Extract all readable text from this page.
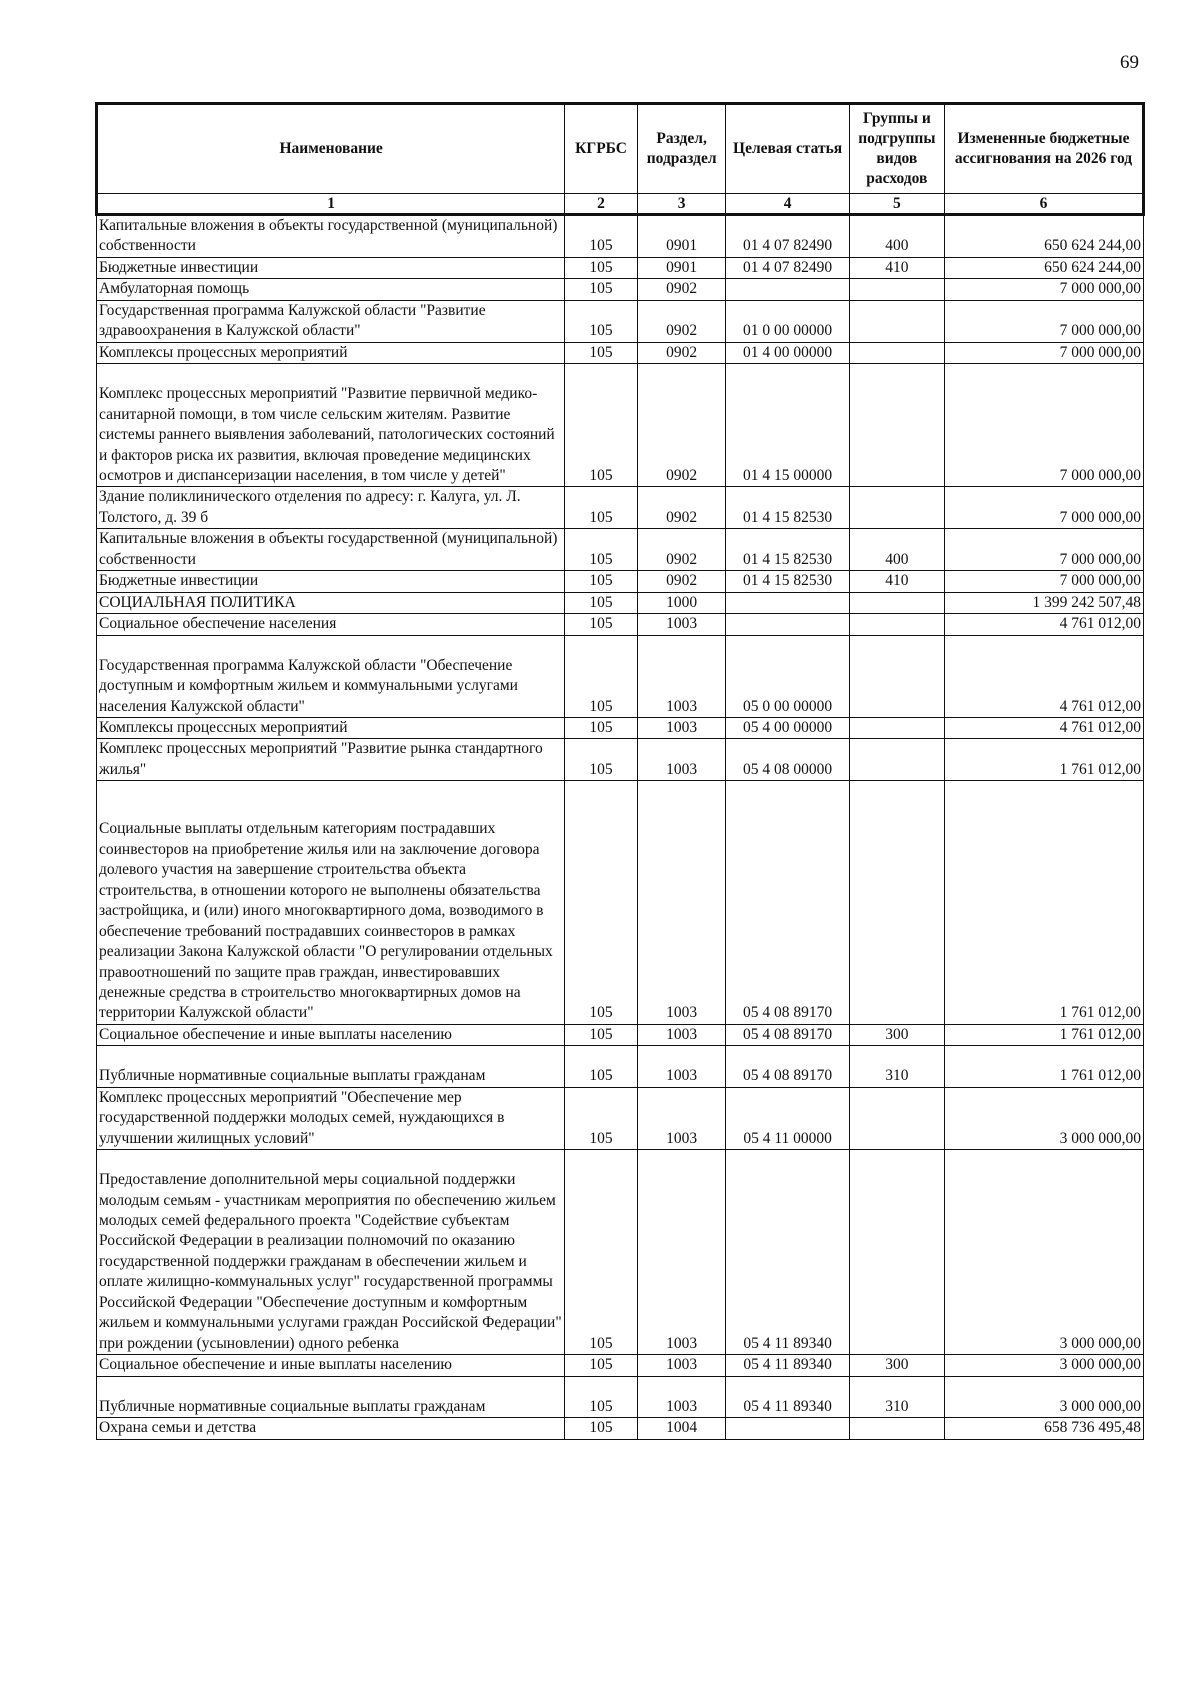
69
Наименование	КГРБС	Раздел, подраздел	Целевая статья	Группы и подгруппы видов расходов	Измененные бюджетные ассигнования на 2026 год
1	2	3	4	5	6

Капитальные вложения в объекты государственной (муниципальной) собственности	105	0901	01 4 07 82490	400	650 624 244,00

Бюджетные инвестиции	105	0901	01 4 07 82490	410	650 624 244,00

Амбулаторная помощь	105	0902			7 000 000,00

Государственная программа Калужской области "Развитие здравоохранения в Калужской области"	105	0902	01 0 00 00000		7 000 000,00

Комплексы процессных мероприятий	105	0902	01 4 00 00000		7 000 000,00

Комплекс процессных мероприятий "Развитие первичной медико-санитарной помощи, в том числе сельским жителям. Развитие системы раннего выявления заболеваний, патологических состояний и факторов риска их развития, включая проведение медицинских осмотров и диспансеризации населения, в том числе у детей"	105	0902	01 4 15 00000		7 000 000,00

Здание поликлинического отделения по адресу: г. Калуга, ул. Л. Толстого, д. 39 б	105	0902	01 4 15 82530		7 000 000,00

Капитальные вложения в объекты государственной (муниципальной) собственности	105	0902	01 4 15 82530	400	7 000 000,00

Бюджетные инвестиции	105	0902	01 4 15 82530	410	7 000 000,00

СОЦИАЛЬНАЯ ПОЛИТИКА	105	1000			1 399 242 507,48

Социальное обеспечение населения	105	1003			4 761 012,00

Государственная программа Калужской области "Обеспечение доступным и комфортным жильем и коммунальными услугами населения Калужской области"	105	1003	05 0 00 00000		4 761 012,00

Комплексы процессных мероприятий	105	1003	05 4 00 00000		4 761 012,00

Комплекс процессных мероприятий "Развитие рынка стандартного жилья"	105	1003	05 4 08 00000		1 761 012,00

Социальные выплаты отдельным категориям пострадавших соинвесторов на приобретение жилья или на заключение договора долевого участия на завершение строительства объекта строительства, в отношении которого не выполнены обязательства застройщика, и (или) иного многоквартирного дома, возводимого в обеспечение требований пострадавших соинвесторов в рамках реализации Закона Калужской области "О регулировании отдельных правоотношений по защите прав граждан, инвестировавших денежные средства в строительство многоквартирных домов на территории Калужской области"	105	1003	05 4 08 89170		1 761 012,00

Социальное обеспечение и иные выплаты населению	105	1003	05 4 08 89170	300	1 761 012,00

Публичные нормативные социальные выплаты гражданам	105	1003	05 4 08 89170	310	1 761 012,00

Комплекс процессных мероприятий "Обеспечение мер государственной поддержки молодых семей, нуждающихся в улучшении жилищных условий"	105	1003	05 4 11 00000		3 000 000,00

Предоставление дополнительной меры социальной поддержки молодым семьям - участникам мероприятия по обеспечению жильем молодых семей федерального проекта "Содействие субъектам Российской Федерации в реализации полномочий по оказанию государственной поддержки гражданам в обеспечении жильем и оплате жилищно-коммунальных услуг" государственной программы Российской Федерации "Обеспечение доступным и комфортным жильем и коммунальными услугами граждан Российской Федерации" при рождении (усыновлении) одного ребенка	105	1003	05 4 11 89340		3 000 000,00

Социальное обеспечение и иные выплаты населению	105	1003	05 4 11 89340	300	3 000 000,00

Публичные нормативные социальные выплаты гражданам	105	1003	05 4 11 89340	310	3 000 000,00

Охрана семьи и детства	105	1004			658 736 495,48
